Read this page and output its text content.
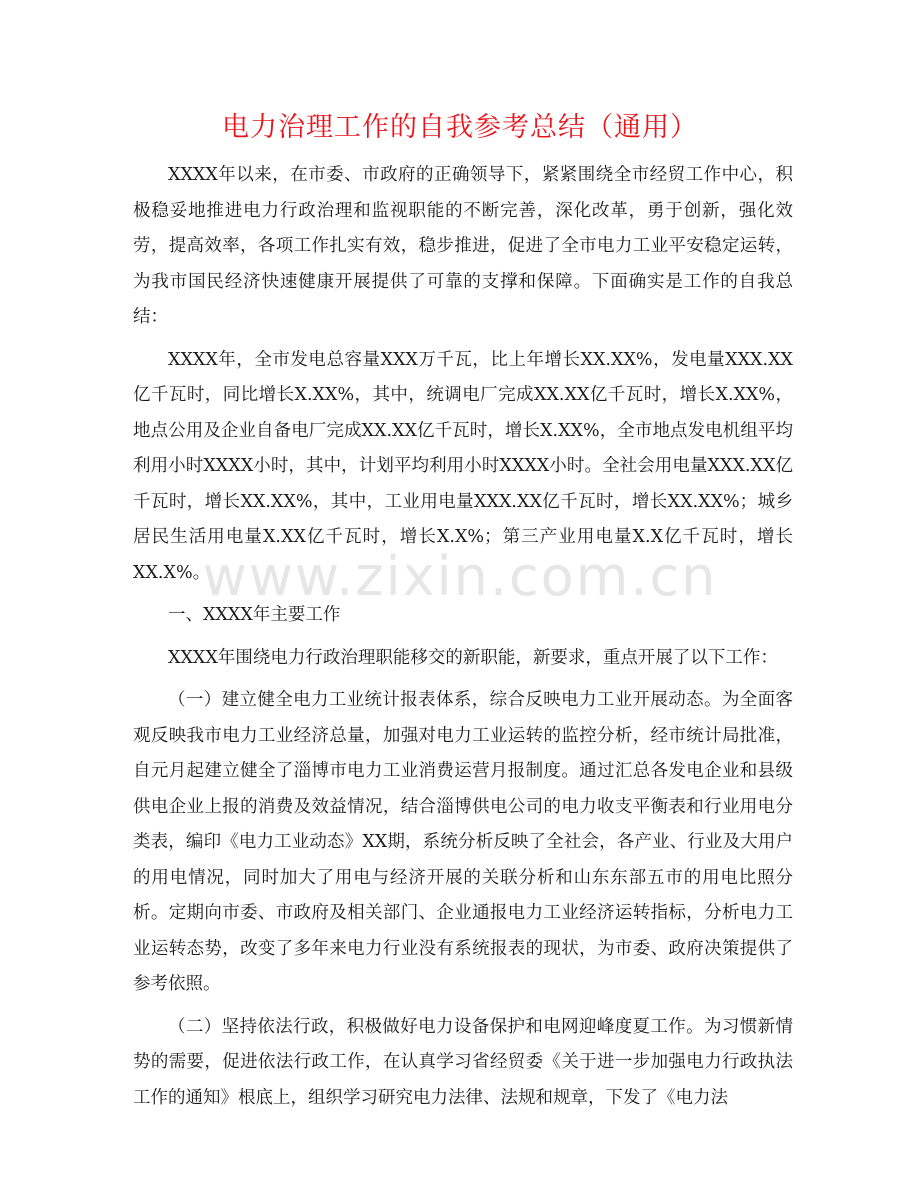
电力治理工作的自我参考总结（通用）

XXXX年以来，在市委、市政府的正确领导下，紧紧围绕全市经贸工作中心，积极稳妥地推进电力行政治理和监视职能的不断完善，深化改革，勇于创新，强化效劳，提高效率，各项工作扎实有效，稳步推进，促进了全市电力工业平安稳定运转，为我市国民经济快速健康开展提供了可靠的支撑和保障。下面确实是工作的自我总结：

XXXX年，全市发电总容量XXX万千瓦，比上年增长XX.XX%，发电量XXX.XX亿千瓦时，同比增长X.XX%，其中，统调电厂完成XX.XX亿千瓦时，增长X.XX%，地点公用及企业自备电厂完成XX.XX亿千瓦时，增长X.XX%，全市地点发电机组平均利用小时XXXX小时，其中，计划平均利用小时XXXX小时。全社会用电量XXX.XX亿千瓦时，增长XX.XX%，其中，工业用电量XXX.XX亿千瓦时，增长XX.XX%；城乡居民生活用电量X.XX亿千瓦时，增长X.X%；第三产业用电量X.X亿千瓦时，增长XX.X%。

一、XXXX年主要工作

XXXX年围绕电力行政治理职能移交的新职能，新要求，重点开展了以下工作：

（一）建立健全电力工业统计报表体系，综合反映电力工业开展动态。为全面客观反映我市电力工业经济总量，加强对电力工业运转的监控分析，经市统计局批准，自元月起建立健全了淄博市电力工业消费运营月报制度。通过汇总各发电企业和县级供电企业上报的消费及效益情况，结合淄博供电公司的电力收支平衡表和行业用电分类表，编印《电力工业动态》XX期，系统分析反映了全社会，各产业、行业及大用户的用电情况，同时加大了用电与经济开展的关联分析和山东东部五市的用电比照分析。定期向市委、市政府及相关部门、企业通报电力工业经济运转指标，分析电力工业运转态势，改变了多年来电力行业没有系统报表的现状，为市委、政府决策提供了参考依照。

（二）坚持依法行政，积极做好电力设备保护和电网迎峰度夏工作。为习惯新情势的需要，促进依法行政工作，在认真学习省经贸委《关于进一步加强电力行政执法工作的通知》根底上，组织学习研究电力法律、法规和规章，下发了《电力法

www.zixin.com.cn
